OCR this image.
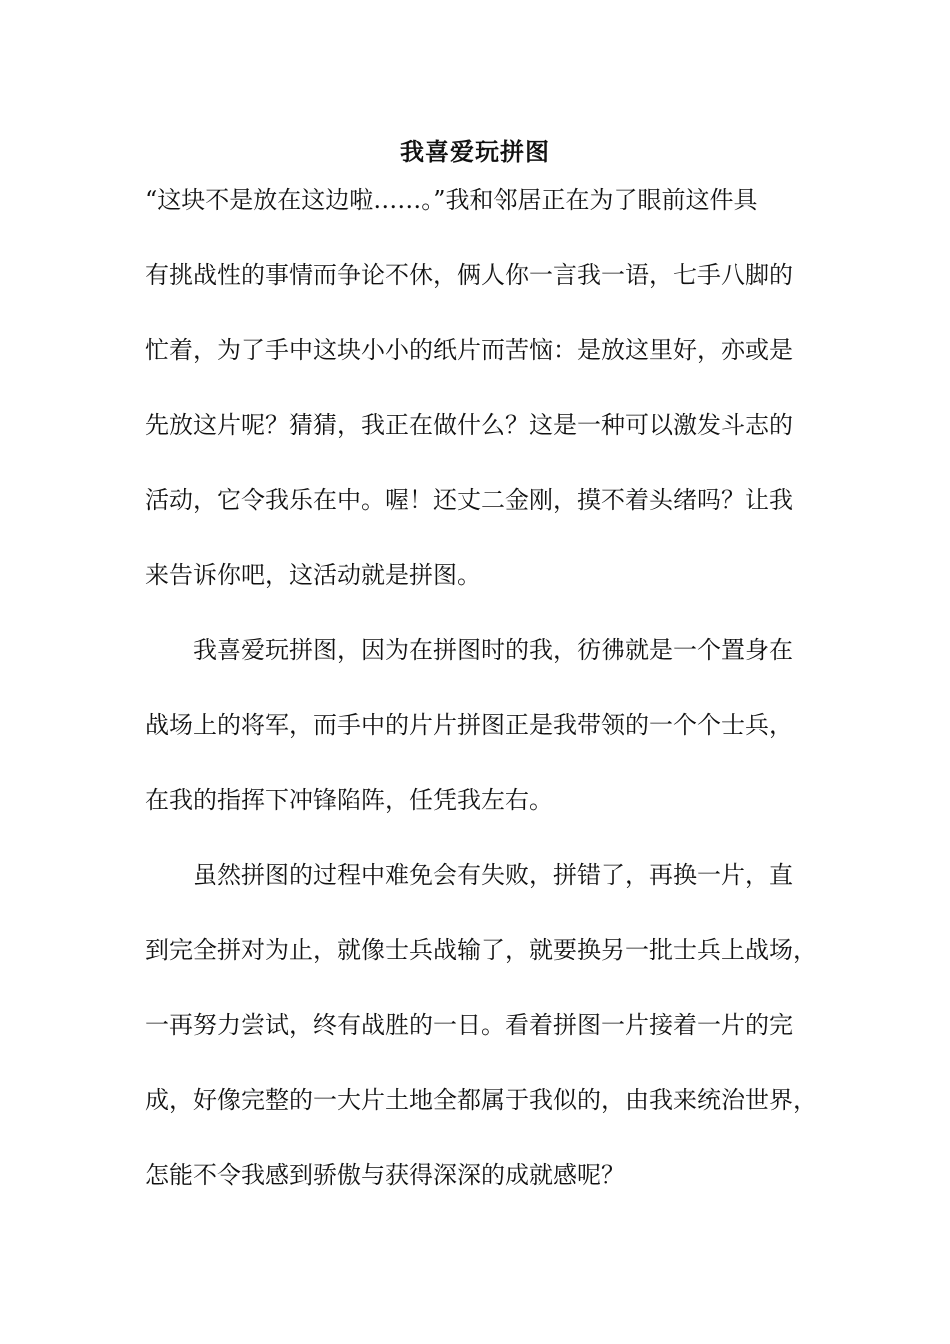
我喜爱玩拼图
“这块不是放在这边啦……。”我和邻居正在为了眼前这件具
有挑战性的事情而争论不休，俩人你一言我一语，七手八脚的
忙着，为了手中这块小小的纸片而苦恼：是放这里好，亦或是
先放这片呢？猜猜，我正在做什么？这是一种可以激发斗志的
活动，它令我乐在中。喔！还丈二金刚，摸不着头绪吗？让我
来告诉你吧，这活动就是拼图。
我喜爱玩拼图，因为在拼图时的我，彷彿就是一个置身在
战场上的将军，而手中的片片拼图正是我带领的一个个士兵，
在我的指挥下冲锋陷阵，任凭我左右。
虽然拼图的过程中难免会有失败，拼错了，再换一片，直
到完全拼对为止，就像士兵战输了，就要换另一批士兵上战场，
一再努力尝试，终有战胜的一日。看着拼图一片接着一片的完
成，好像完整的一大片土地全都属于我似的，由我来统治世界，
怎能不令我感到骄傲与获得深深的成就感呢？
